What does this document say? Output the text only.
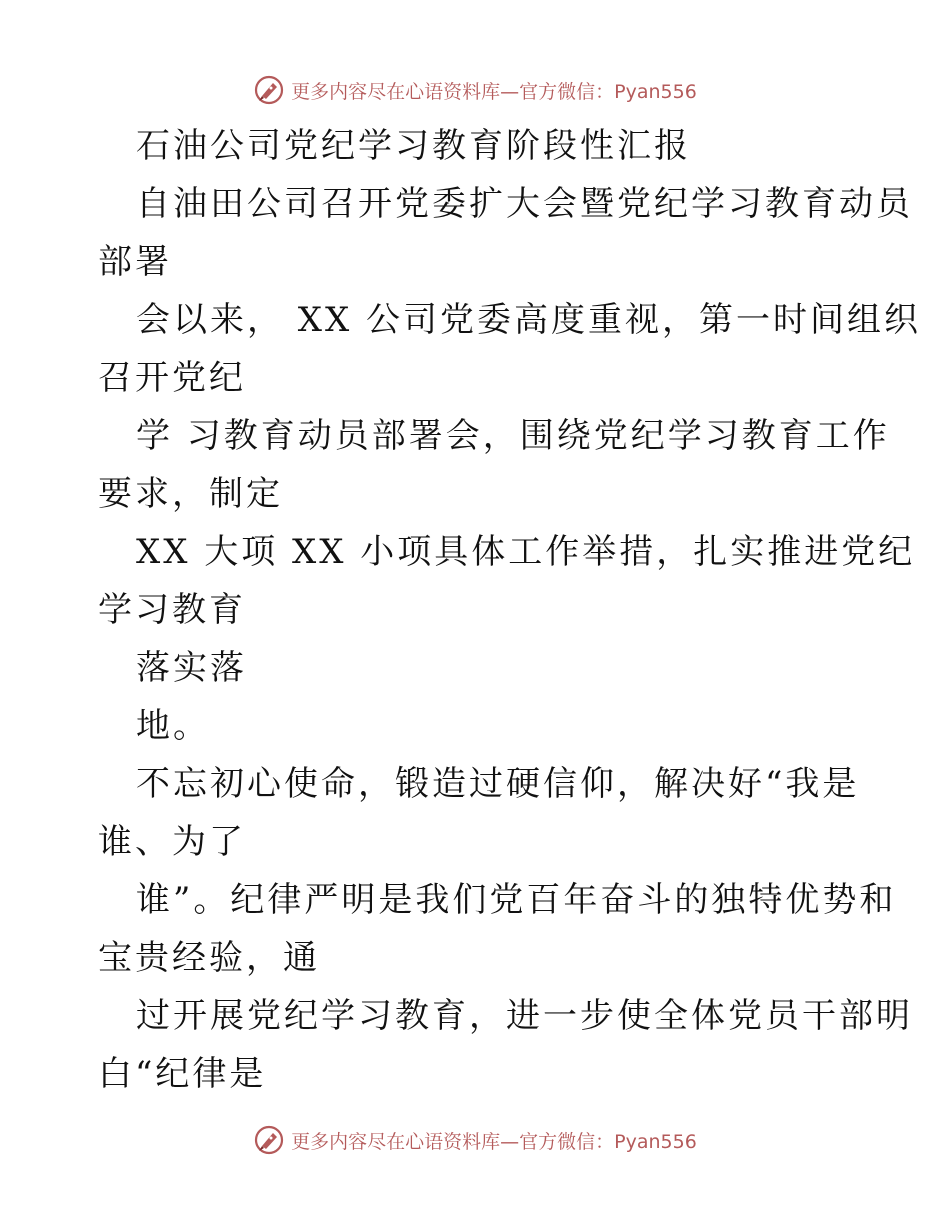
更多内容尽在心语资料库—官方微信：Pyan556
石油公司党纪学习教育阶段性汇报
自油田公司召开党委扩大会暨党纪学习教育动员
部署
会以来， XX 公司党委高度重视，第一时间组织
召开党纪
学 习教育动员部署会，围绕党纪学习教育工作
要求，制定
XX 大项 XX 小项具体工作举措，扎实推进党纪
学习教育
落实落
地。
不忘初心使命，锻造过硬信仰，解决好“我是
谁、为了
谁”。纪律严明是我们党百年奋斗的独特优势和
宝贵经验，通
过开展党纪学习教育，进一步使全体党员干部明
白“纪律是
更多内容尽在心语资料库—官方微信：Pyan556
